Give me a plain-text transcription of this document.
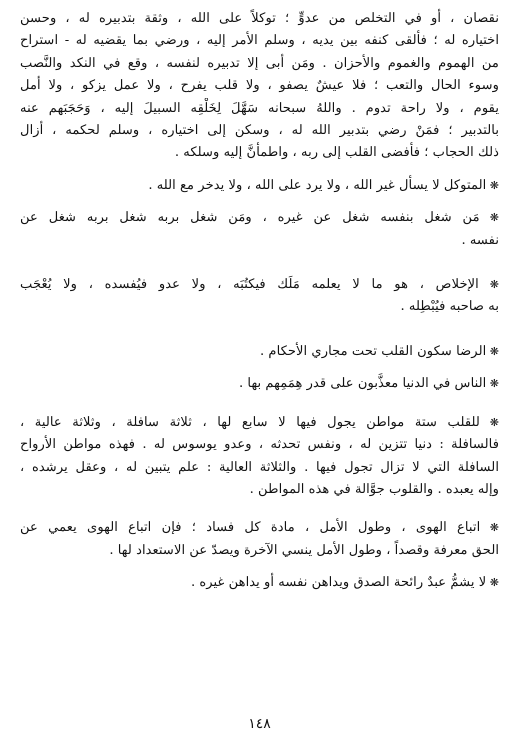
نقصان ، أو في التخلص من عدوٍّ ؛ توكلاً على الله ، وثقة بتدبيره له ، وحسن
اختياره له ؛ فألقى كنفه بين يديه ، وسلم الأمر إليه ، ورضي بما يقضيه له - استراح
من الهموم والغموم والأحزان . ومَن أبى إلا تدبيره لنفسه ، وقع في النكد والنَّصب
وسوء الحال والتعب ؛ فلا عيشٌ يصفو ، ولا قلب يفرح ، ولا عمل يزكو ، ولا أمل
يقوم ، ولا راحة تدوم . واللهُ سبحانه سَهَّلَ لِخَلْقِه السبيلَ إليه ، وَحَجَبَهم عنه
بالتدبير ؛ فمَنْ رضي بتدبير الله له ، وسكن إلى اختياره ، وسلم لحكمه ، أزال
ذلك الحجاب ؛ فأفضى القلب إلى ربه ، واطمأنَّ إليه وسلكه .
❋ المتوكل لا يسأل غير الله ، ولا يرد على الله ، ولا يدخر مع الله .
❋ مَن شغل بنفسه شغل عن غيره ، ومَن شغل بربه شغل بربه شغل عن
نفسه .
❋ الإخلاص ، هو ما لا يعلمه مَلَك فيكتُبَه ، ولا عدو فيُفسده ، ولا يُعْجَب
به صاحبه فيُبْطِله .
❋ الرضا سكون القلب تحت مجاري الأحكام .
❋ الناس في الدنيا معذَّبون على قدر هِمَمِهم بها .
❋ للقلب ستة مواطن يجول فيها لا سابع لها ، ثلاثة سافلة ، وثلاثة عالية ،
فالسافلة : دنيا تتزين له ، ونفس تحدثه ، وعدو يوسوس له . فهذه مواطن الأرواح
السافلة التي لا تزال تجول فيها . والثلاثة العالية : علم يتبين له ، وعقل يرشده ،
وإله يعبده . والقلوب جوَّالة في هذه المواطن .
❋ اتباع الهوى ، وطول الأمل ، مادة كل فساد ؛ فإن اتباع الهوى يعمي عن
الحق معرفة وقصداً ، وطول الأمل ينسي الآخرة ويصدّ عن الاستعداد لها .
❋ لا يشمُّ عبدٌ رائحة الصدق ويداهن نفسه أو يداهن غيره .
١٤٨
